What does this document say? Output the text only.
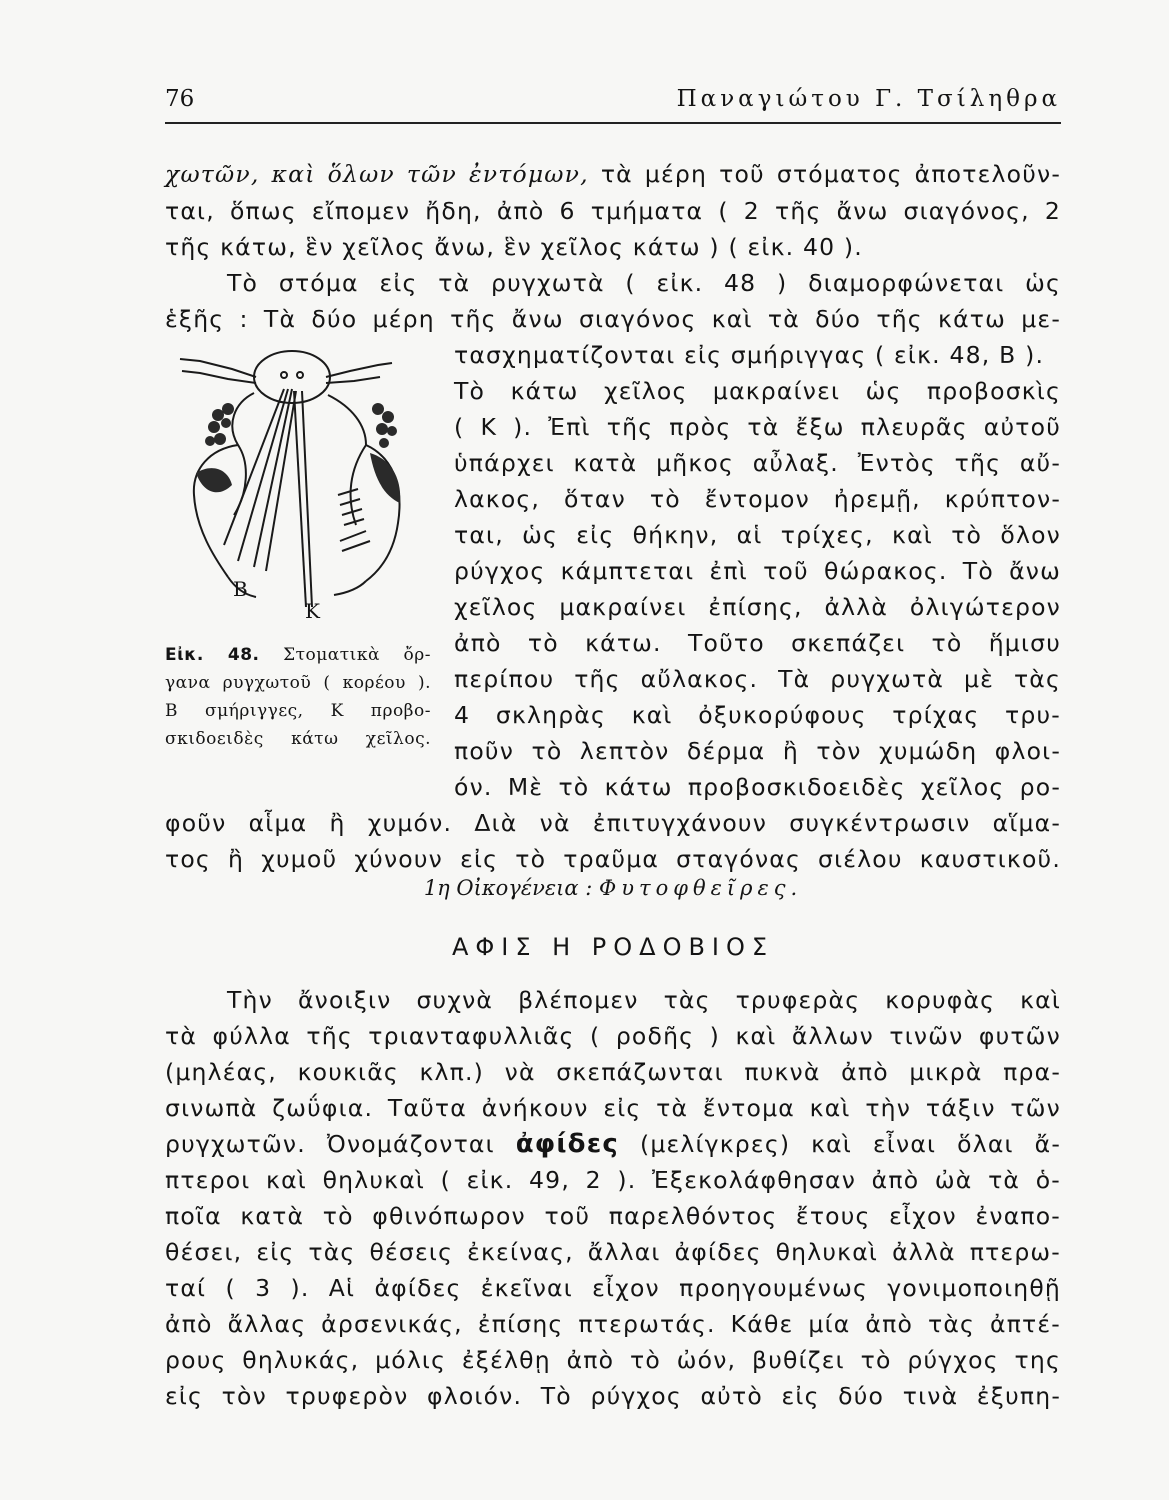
76	Παναγιώτου Γ. Τσίληθρα
χωτῶν, καὶ ὅλων τῶν ἐντόμων, τὰ μέρη τοῦ στόματος ἀποτελοῦν-
ται, ὅπως εἴπομεν ἤδη, ἀπὸ 6 τμήματα ( 2 τῆς ἄνω σιαγόνος, 2
τῆς κάτω, ἓν χεῖλος ἄνω, ἓν χεῖλος κάτω ) ( εἰκ. 40 ).
Τὸ στόμα εἰς τὰ ρυγχωτὰ ( εἰκ. 48 ) διαμορφώνεται ὡς
ἑξῆς : Τὰ δύο μέρη τῆς ἄνω σιαγόνος καὶ τὰ δύο τῆς κάτω με-
τασχηματίζονται εἰς σμήριγγας ( εἰκ. 48, Β ).
Τὸ κάτω χεῖλος μακραίνει ὡς προβοσκὶς
( Κ ). Ἐπὶ τῆς πρὸς τὰ ἔξω πλευρᾶς αὐτοῦ
ὑπάρχει κατὰ μῆκος αὖλαξ. Ἐντὸς τῆς αὔ-
λακος, ὅταν τὸ ἔντομον ἠρεμῇ, κρύπτον-
ται, ὡς εἰς θήκην, αἱ τρίχες, καὶ τὸ ὅλον
ρύγχος κάμπτεται ἐπὶ τοῦ θώρακος. Τὸ ἄνω
χεῖλος μακραίνει ἐπίσης, ἀλλὰ ὀλιγώτερον
ἀπὸ τὸ κάτω. Τοῦτο σκεπάζει τὸ ἥμισυ
περίπου τῆς αὔλακος. Τὰ ρυγχωτὰ μὲ τὰς
4 σκληρὰς καὶ ὀξυκορύφους τρίχας τρυ-
ποῦν τὸ λεπτὸν δέρμα ἢ τὸν χυμώδη φλοι-
όν. Μὲ τὸ κάτω προβοσκιδοειδὲς χεῖλος ρο-
φοῦν αἷμα ἢ χυμόν. Διὰ νὰ ἐπιτυγχάνουν συγκέντρωσιν αἵμα-
τος ἢ χυμοῦ χύνουν εἰς τὸ τραῦμα σταγόνας σιέλου καυστικοῦ.
B
K
Εἰκ. 48. Στοματικὰ ὄρ-
γανα ρυγχωτοῦ ( κορέου ).
Β σμήριγγες, Κ προβο-
σκιδοειδὲς κάτω χεῖλος.
1η Οἰκογένεια : Φυτοφθεῖρες.
ΑΦΙΣ Η ΡΟΔΟΒΙΟΣ
Τὴν ἄνοιξιν συχνὰ βλέπομεν τὰς τρυφερὰς κορυφὰς καὶ
τὰ φύλλα τῆς τριανταφυλλιᾶς ( ροδῆς ) καὶ ἄλλων τινῶν φυτῶν
(μηλέας, κουκιᾶς κλπ.) νὰ σκεπάζωνται πυκνὰ ἀπὸ μικρὰ πρα-
σινωπὰ ζωΰφια. Ταῦτα ἀνήκουν εἰς τὰ ἔντομα καὶ τὴν τάξιν τῶν
ρυγχωτῶν. Ὀνομάζονται ἀφίδες (μελίγκρες) καὶ εἶναι ὅλαι ἄ-
πτεροι καὶ θηλυκαὶ ( εἰκ. 49, 2 ). Ἐξεκολάφθησαν ἀπὸ ὠὰ τὰ ὁ-
ποῖα κατὰ τὸ φθινόπωρον τοῦ παρελθόντος ἔτους εἶχον ἐναπο-
θέσει, εἰς τὰς θέσεις ἐκείνας, ἄλλαι ἀφίδες θηλυκαὶ ἀλλὰ πτερω-
ταί ( 3 ). Αἱ ἀφίδες ἐκεῖναι εἶχον προηγουμένως γονιμοποιηθῇ
ἀπὸ ἄλλας ἀρσενικάς, ἐπίσης πτερωτάς. Κάθε μία ἀπὸ τὰς ἀπτέ-
ρους θηλυκάς, μόλις ἐξέλθῃ ἀπὸ τὸ ὠόν, βυθίζει τὸ ρύγχος της
εἰς τὸν τρυφερὸν φλοιόν. Τὸ ρύγχος αὐτὸ εἰς δύο τινὰ ἐξυπη-
